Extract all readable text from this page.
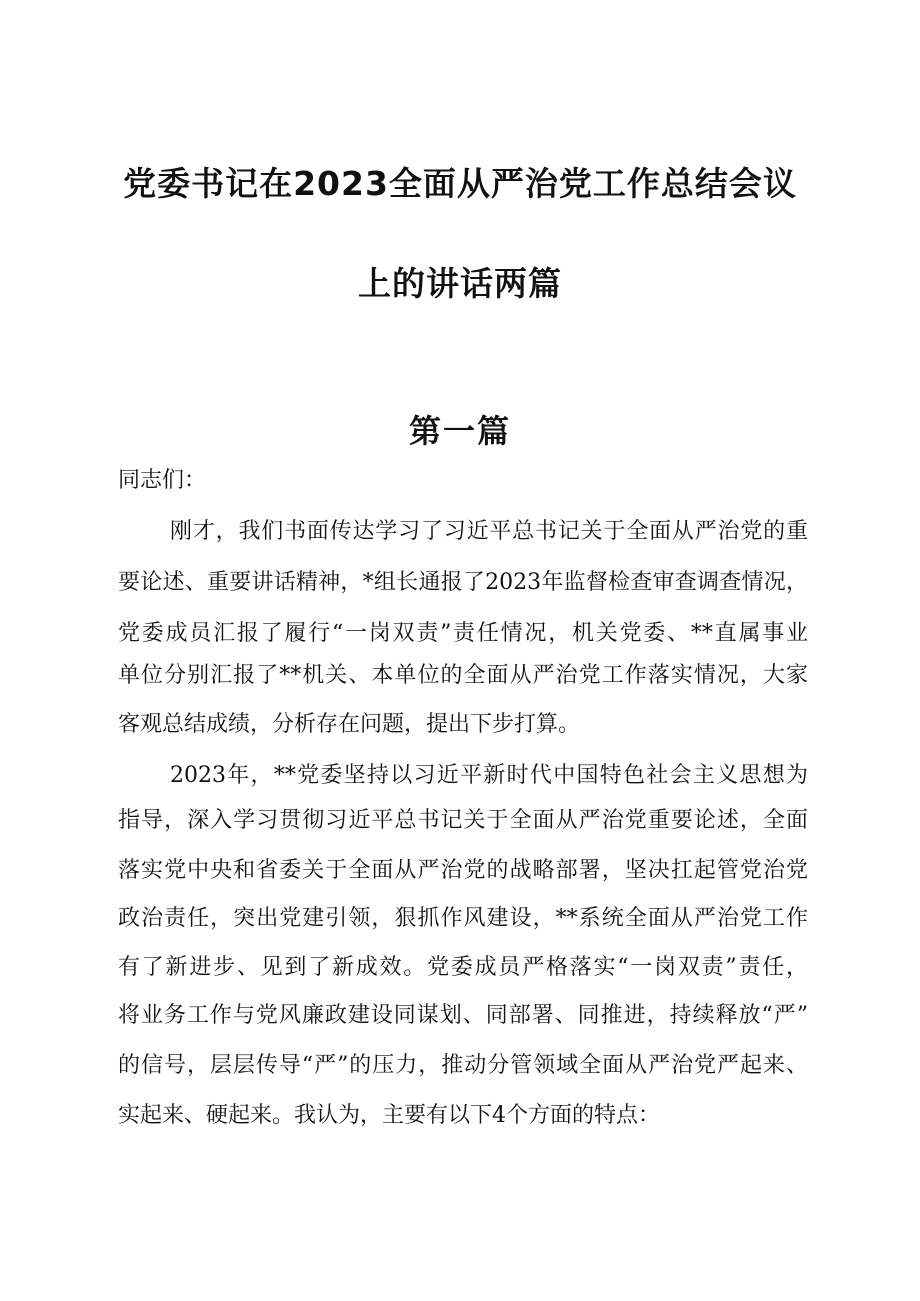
党委书记在2023全面从严治党工作总结会议
上的讲话两篇
第一篇

同志们：

刚才，我们书面传达学习了习近平总书记关于全面从严治党的重

要论述、重要讲话精神，*组长通报了2023年监督检查审查调查情况，

党委成员汇报了履行“一岗双责”责任情况，机关党委、**直属事业

单位分别汇报了**机关、本单位的全面从严治党工作落实情况，大家

客观总结成绩，分析存在问题，提出下步打算。

2023年，**党委坚持以习近平新时代中国特色社会主义思想为

指导，深入学习贯彻习近平总书记关于全面从严治党重要论述，全面

落实党中央和省委关于全面从严治党的战略部署，坚决扛起管党治党

政治责任，突出党建引领，狠抓作风建设，**系统全面从严治党工作

有了新进步、见到了新成效。党委成员严格落实“一岗双责”责任，

将业务工作与党风廉政建设同谋划、同部署、同推进，持续释放“严”

的信号，层层传导“严”的压力，推动分管领域全面从严治党严起来、

实起来、硬起来。我认为，主要有以下4个方面的特点：
